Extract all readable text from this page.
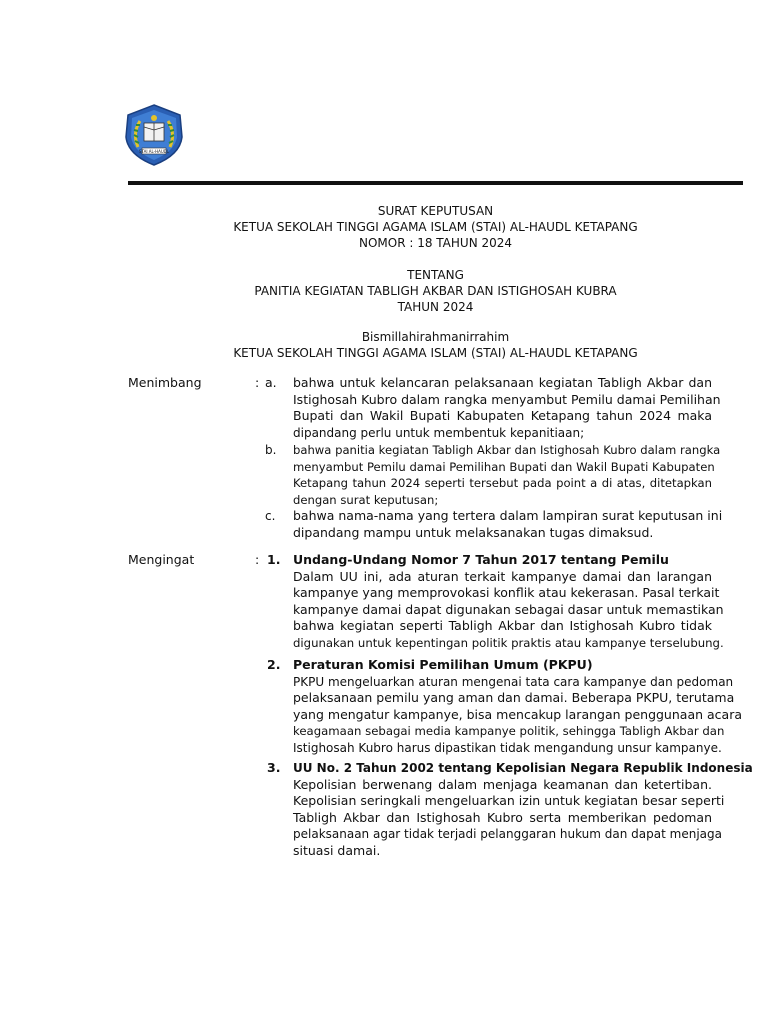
STAI AL-HAUDL
SURAT KEPUTUSAN
KETUA SEKOLAH TINGGI AGAMA ISLAM (STAI) AL-HAUDL KETAPANG
NOMOR : 18 TAHUN 2024
TENTANG
PANITIA KEGIATAN TABLIGH AKBAR DAN ISTIGHOSAH KUBRA
TAHUN 2024
Bismillahirahmanirrahim
KETUA SEKOLAH TINGGI AGAMA ISLAM (STAI) AL-HAUDL KETAPANG
Menimbang	: a. bahwa untuk kelancaran pelaksanaan kegiatan Tabligh Akbar dan
Istighosah Kubro dalam rangka menyambut Pemilu damai Pemilihan
Bupati dan Wakil Bupati Kabupaten Ketapang tahun 2024 maka
dipandang perlu untuk membentuk kepanitiaan;
b. bahwa panitia kegiatan Tabligh Akbar dan Istighosah Kubro dalam rangka
menyambut Pemilu damai Pemilihan Bupati dan Wakil Bupati Kabupaten
Ketapang tahun 2024 seperti tersebut pada point a di atas, ditetapkan
dengan surat keputusan;
c. bahwa nama-nama yang tertera dalam lampiran surat keputusan ini
dipandang mampu untuk melaksanakan tugas dimaksud.
Mengingat	: 1. Undang-Undang Nomor 7 Tahun 2017 tentang Pemilu
Dalam UU ini, ada aturan terkait kampanye damai dan larangan
kampanye yang memprovokasi konflik atau kekerasan. Pasal terkait
kampanye damai dapat digunakan sebagai dasar untuk memastikan
bahwa kegiatan seperti Tabligh Akbar dan Istighosah Kubro tidak
digunakan untuk kepentingan politik praktis atau kampanye terselubung.
2. Peraturan Komisi Pemilihan Umum (PKPU)
PKPU mengeluarkan aturan mengenai tata cara kampanye dan pedoman
pelaksanaan pemilu yang aman dan damai. Beberapa PKPU, terutama
yang mengatur kampanye, bisa mencakup larangan penggunaan acara
keagamaan sebagai media kampanye politik, sehingga Tabligh Akbar dan
Istighosah Kubro harus dipastikan tidak mengandung unsur kampanye.
3. UU No. 2 Tahun 2002 tentang Kepolisian Negara Republik Indonesia
Kepolisian berwenang dalam menjaga keamanan dan ketertiban.
Kepolisian seringkali mengeluarkan izin untuk kegiatan besar seperti
Tabligh Akbar dan Istighosah Kubro serta memberikan pedoman
pelaksanaan agar tidak terjadi pelanggaran hukum dan dapat menjaga
situasi damai.
